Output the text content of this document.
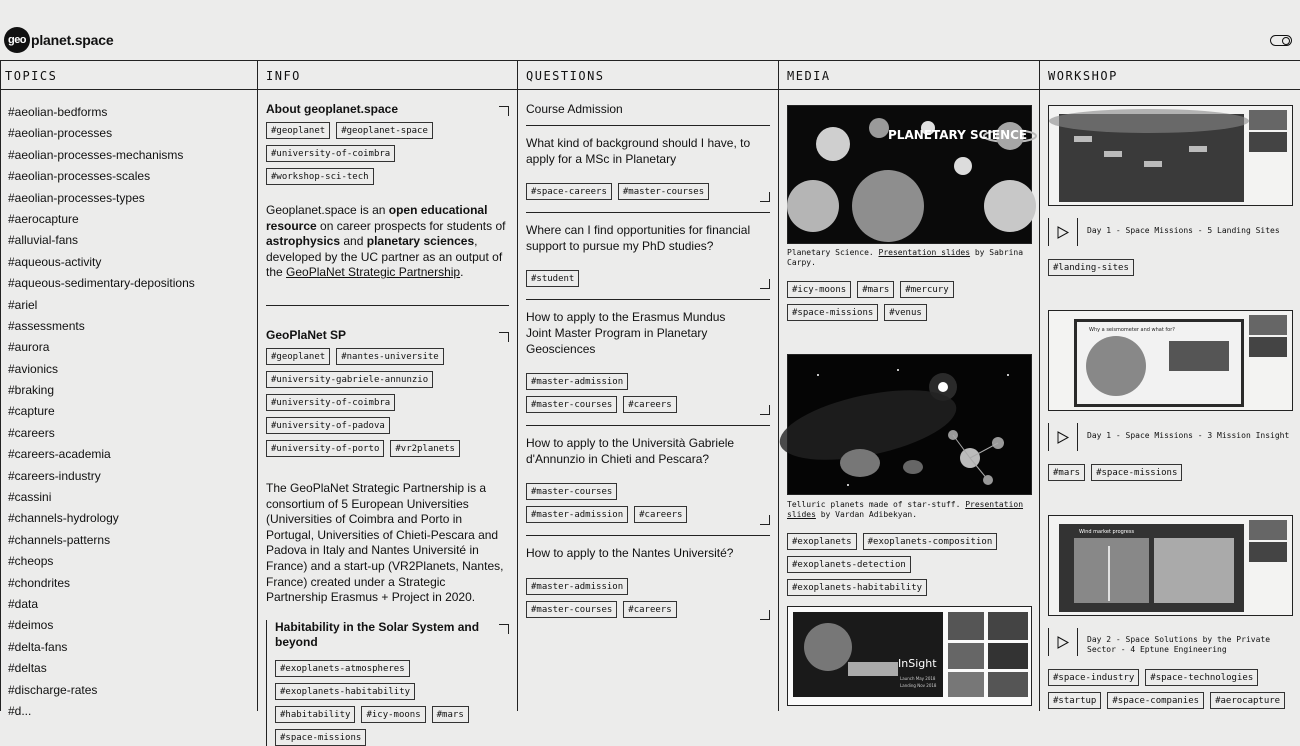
geo planet.space
TOPICS
#aeolian-bedforms
#aeolian-processes
#aeolian-processes-mechanisms
#aeolian-processes-scales
#aeolian-processes-types
#aerocapture
#alluvial-fans
#aqueous-activity
#aqueous-sedimentary-depositions
#ariel
#assessments
#aurora
#avionics
#braking
#capture
#careers
#careers-academia
#careers-industry
#cassini
#channels-hydrology
#channels-patterns
#cheops
#chondrites
#data
#deimos
#delta-fans
#deltas
#discharge-rates
#d...
INFO
About geoplanet.space
#geoplanet	#geoplanet-space
#university-of-coimbra
#workshop-sci-tech
Geoplanet.space is an open educational resource on career prospects for students of astrophysics and planetary sciences, developed by the UC partner as an output of the GeoPlaNet Strategic Partnership.
GeoPlaNet SP
#geoplanet	#nantes-universite
#university-gabriele-annunzio
#university-of-coimbra
#university-of-padova
#university-of-porto	#vr2planets
The GeoPlaNet Strategic Partnership is a consortium of 5 European Universities (Universities of Coimbra and Porto in Portugal, Universities of Chieti-Pescara and Padova in Italy and Nantes Université in France) and a start-up (VR2Planets, Nantes, France) created under a Strategic Partnership Erasmus + Project in 2020.
Habitability in the Solar System and beyond
#exoplanets-atmospheres
#exoplanets-habitability
#habitability	#icy-moons	#mars
#space-missions
QUESTIONS
Course Admission
What kind of background should I have, to apply for a MSc in Planetary
#space-careers	#master-courses
Where can I find opportunities for financial support to pursue my PhD studies?
#student
How to apply to the Erasmus Mundus Joint Master Program in Planetary Geosciences
#master-admission
#master-courses	#careers
How to apply to the Università Gabriele d'Annunzio in Chieti and Pescara?
#master-courses
#master-admission	#careers
How to apply to the Nantes Université?
#master-admission
#master-courses	#careers
MEDIA
PLANETARY SCIENCE
Planetary Science. Presentation slides by Sabrina Carpy.
#icy-moons	#mars	#mercury
#space-missions	#venus
Telluric planets made of star-stuff. Presentation slides by Vardan Adibekyan.
#exoplanets	#exoplanets-composition
#exoplanets-detection
#exoplanets-habitability
InSight
Launch May 2018
Landing Nov 2018
WORKSHOP
Day 1 - Space Missions - 5 Landing Sites
#landing-sites
Why a seismometer and what for?
Day 1 - Space Missions - 3 Mission Insight
#mars	#space-missions
Wind market progress
Day 2 - Space Solutions by the Private Sector - 4 Eptune Engineering
#space-industry	#space-technologies
#startup	#space-companies	#aerocapture
